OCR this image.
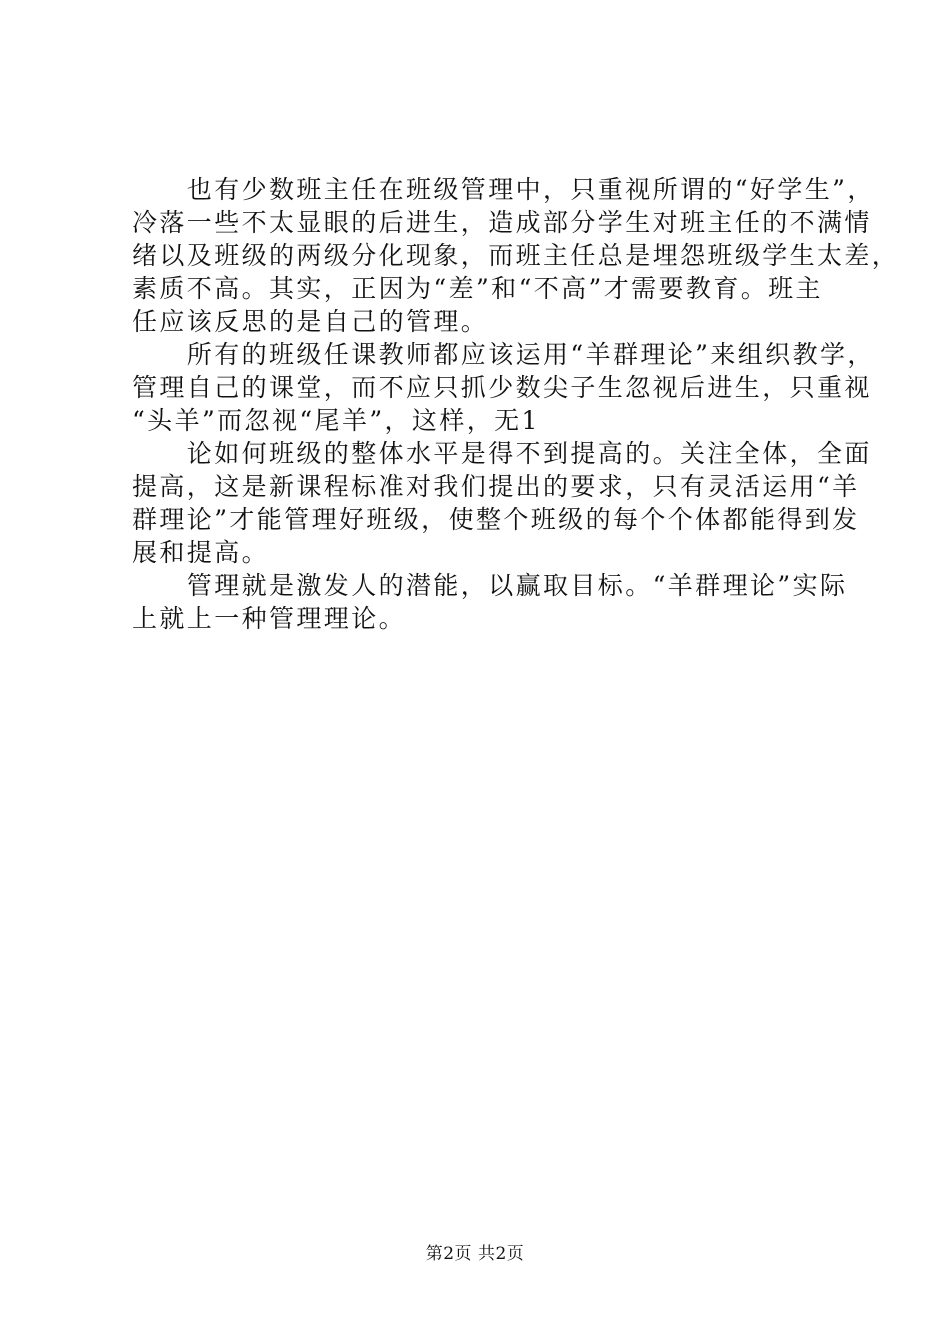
　　也有少数班主任在班级管理中，只重视所谓的“好学生”，
冷落一些不太显眼的后进生，造成部分学生对班主任的不满情
绪以及班级的两级分化现象，而班主任总是埋怨班级学生太差，
素质不高。其实，正因为“差”和“不高”才需要教育。班主
任应该反思的是自己的管理。
　　所有的班级任课教师都应该运用“羊群理论”来组织教学，
管理自己的课堂，而不应只抓少数尖子生忽视后进生，只重视
“头羊”而忽视“尾羊”，这样，无1
　　论如何班级的整体水平是得不到提高的。关注全体，全面
提高，这是新课程标准对我们提出的要求，只有灵活运用“羊
群理论”才能管理好班级，使整个班级的每个个体都能得到发
展和提高。
　　管理就是激发人的潜能，以赢取目标。“羊群理论”实际
上就上一种管理理论。
第2页 共2页
